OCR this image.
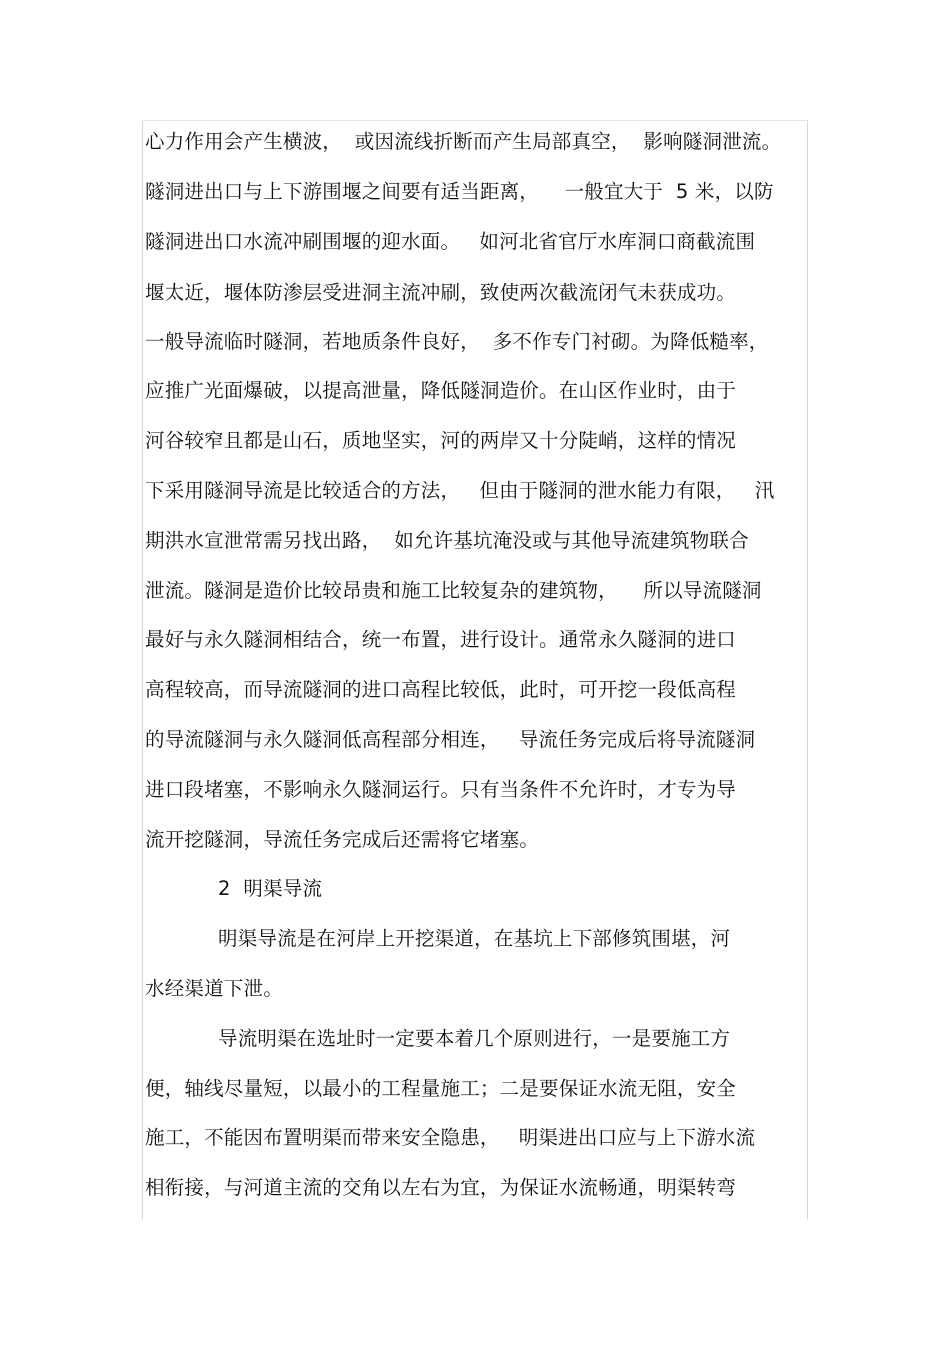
心力作用会产生横波，  或因流线折断而产生局部真空，  影响隧洞泄流。
隧洞进出口与上下游围堰之间要有适当距离，    一般宜大于  5 米，以防
隧洞进出口水流冲刷围堰的迎水面。   如河北省官厅水库洞口商截流围
堰太近，堰体防渗层受进洞主流冲刷，致使两次截流闭气未获成功。
一般导流临时隧洞，若地质条件良好，  多不作专门衬砌。为降低糙率，
应推广光面爆破，以提高泄量，降低隧洞造价。在山区作业时，由于
河谷较窄且都是山石，质地坚实，河的两岸又十分陡峭，这样的情况
下采用隧洞导流是比较适合的方法，   但由于隧洞的泄水能力有限，   汛
期洪水宣泄常需另找出路，  如允许基坑淹没或与其他导流建筑物联合
泄流。隧洞是造价比较昂贵和施工比较复杂的建筑物，    所以导流隧洞
最好与永久隧洞相结合，统一布置，进行设计。通常永久隧洞的进口
高程较高，而导流隧洞的进口高程比较低，此时，可开挖一段低高程
的导流隧洞与永久隧洞低高程部分相连，   导流任务完成后将导流隧洞
进口段堵塞，不影响永久隧洞运行。只有当条件不允许时，才专为导
流开挖隧洞，导流任务完成后还需将它堵塞。
2  明渠导流
明渠导流是在河岸上开挖渠道，在基坑上下部修筑围堪，河
水经渠道下泄。
导流明渠在选址时一定要本着几个原则进行，一是要施工方
便，轴线尽量短，以最小的工程量施工；二是要保证水流无阻，安全
施工，不能因布置明渠而带来安全隐患，   明渠进出口应与上下游水流
相衔接，与河道主流的交角以左右为宜，为保证水流畅通，明渠转弯
